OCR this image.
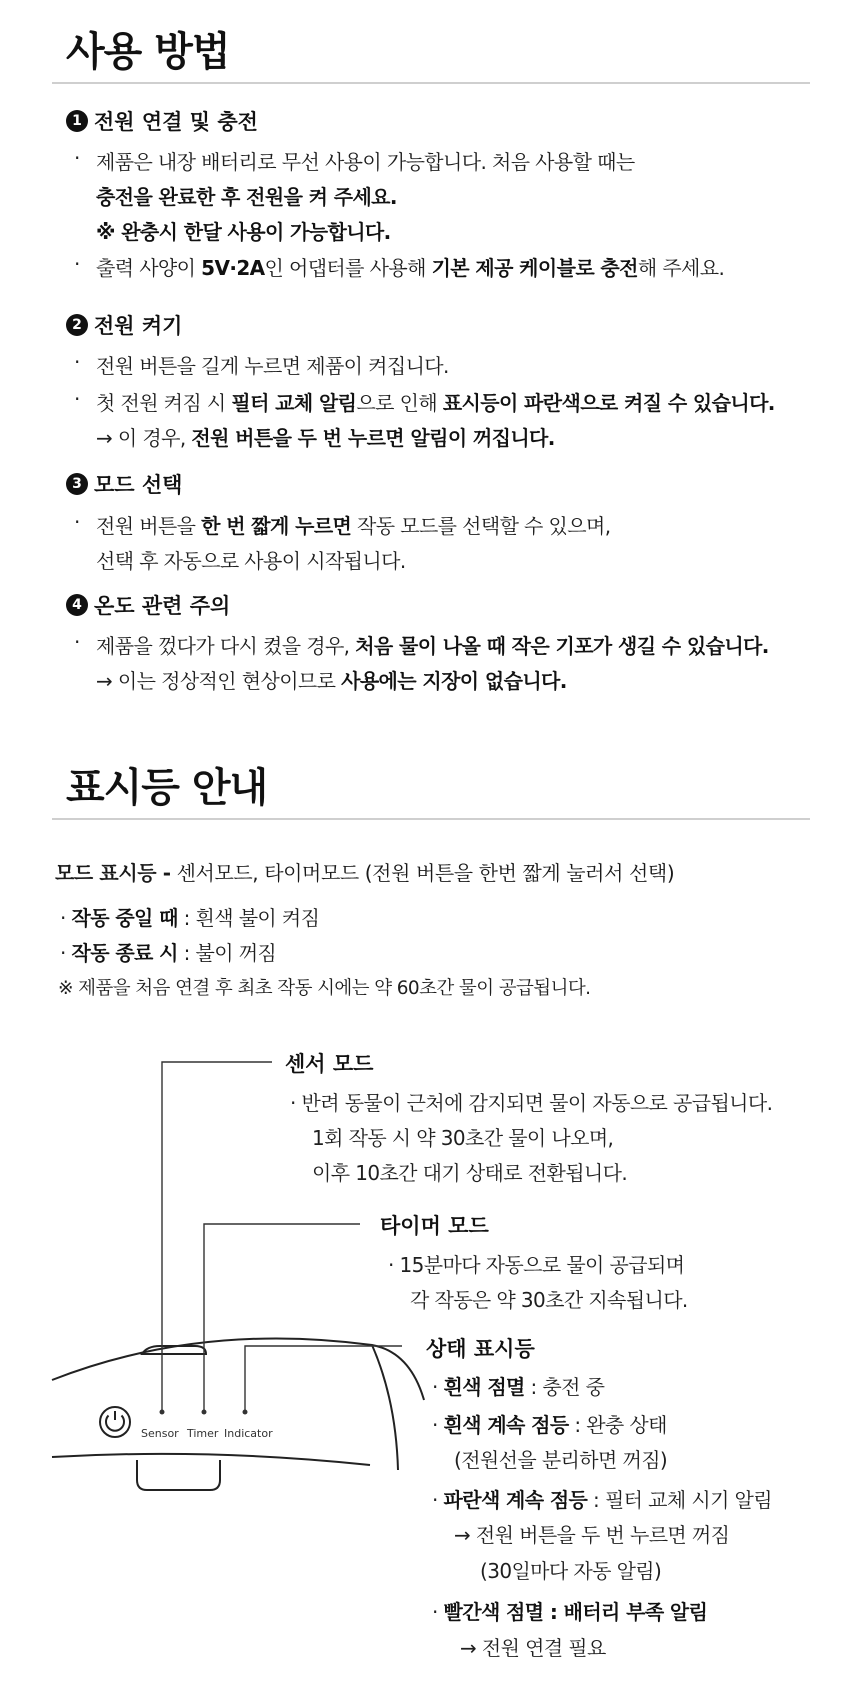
사용 방법
1 전원 연결 및 충전
· 제품은 내장 배터리로 무선 사용이 가능합니다. 처음 사용할 때는
충전을 완료한 후 전원을 켜 주세요.
※ 완충시 한달 사용이 가능합니다.
· 출력 사양이 5V·2A인 어댑터를 사용해 기본 제공 케이블로 충전해 주세요.
2 전원 켜기
· 전원 버튼을 길게 누르면 제품이 켜집니다.
· 첫 전원 켜짐 시 필터 교체 알림으로 인해 표시등이 파란색으로 켜질 수 있습니다.
→ 이 경우, 전원 버튼을 두 번 누르면 알림이 꺼집니다.
3 모드 선택
· 전원 버튼을 한 번 짧게 누르면 작동 모드를 선택할 수 있으며,
선택 후 자동으로 사용이 시작됩니다.
4 온도 관련 주의
· 제품을 껐다가 다시 켰을 경우, 처음 물이 나올 때 작은 기포가 생길 수 있습니다.
→ 이는 정상적인 현상이므로 사용에는 지장이 없습니다.
표시등 안내
모드 표시등 - 센서모드, 타이머모드 (전원 버튼을 한번 짧게 눌러서 선택)
· 작동 중일 때 : 흰색 불이 켜짐
· 작동 종료 시 : 불이 꺼짐
※ 제품을 처음 연결 후 최초 작동 시에는 약 60초간 물이 공급됩니다.
Sensor Timer Indicator
센서 모드
· 반려 동물이 근처에 감지되면 물이 자동으로 공급됩니다.
1회 작동 시 약 30초간 물이 나오며,
이후 10초간 대기 상태로 전환됩니다.
타이머 모드
· 15분마다 자동으로 물이 공급되며
각 작동은 약 30초간 지속됩니다.
상태 표시등
· 흰색 점멸 : 충전 중
· 흰색 계속 점등 : 완충 상태
(전원선을 분리하면 꺼짐)
· 파란색 계속 점등 : 필터 교체 시기 알림
→ 전원 버튼을 두 번 누르면 꺼짐
(30일마다 자동 알림)
· 빨간색 점멸 : 배터리 부족 알림
→ 전원 연결 필요
